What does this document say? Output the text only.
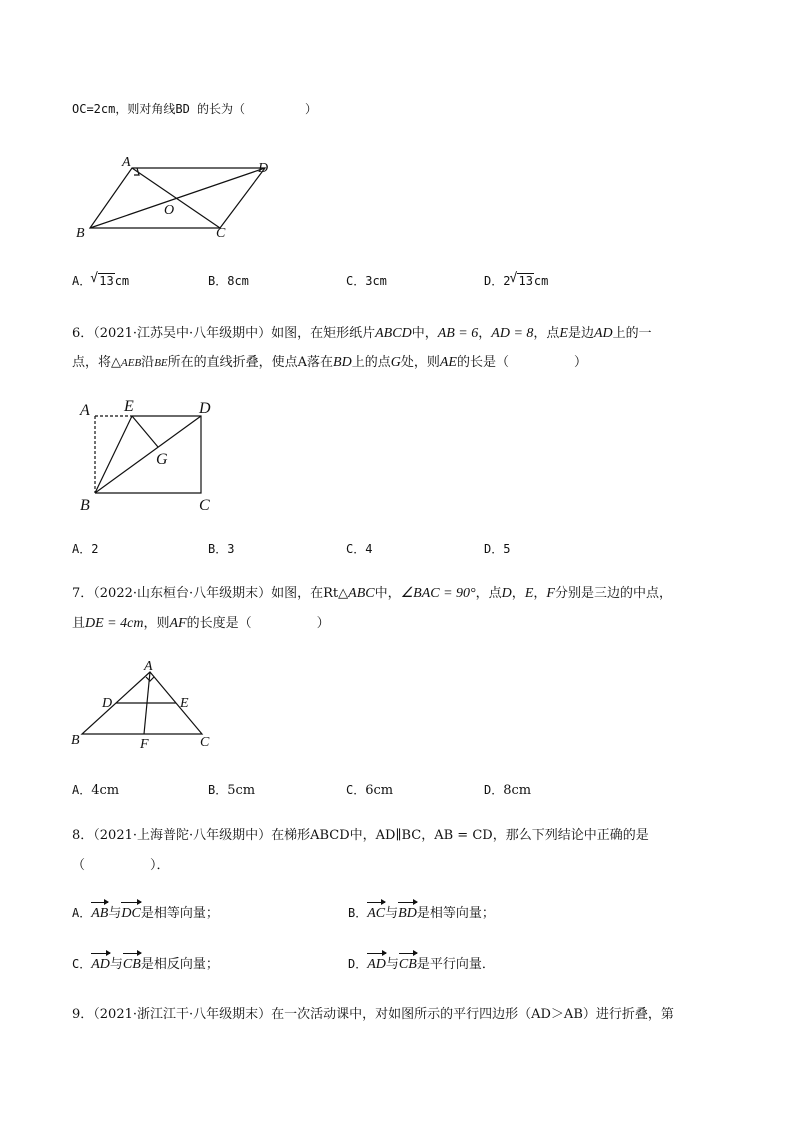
OC=2cm，则对角线BD 的长为（　　　　　）
A	D
O
B	C
A． √ 13cm	B．8cm	C．3cm	D．2 √ 13cm
6．（2021·江苏吴中·八年级期中）如图，在矩形纸片ABCD中，AB = 6，AD = 8，点E是边AD上的一
点，将△AEB沿BE所在的直线折叠，使点A落在BD上的点G处，则AE的长是（　　　　　）
A E	D
G
B	C
A．2	B．3	C．4	D．5
7．（2022·山东桓台·八年级期末）如图，在Rt△ABC中，∠BAC = 90°，点D，E，F分别是三边的中点，
且DE = 4cm，则AF的长度是（　　　　　）
A
D	E
B	F	C
A．4cm	B．5cm	C．6cm	D．8cm
8．（2021·上海普陀·八年级期中）在梯形ABCD中，AD∥BC，AB = CD，那么下列结论中正确的是
（　　　　　）．
A．AB与DC是相等向量；	B．AC与BD是相等向量；
C．AD与CB是相反向量；	D．AD与CB是平行向量．
9．（2021·浙江江干·八年级期末）在一次活动课中，对如图所示的平行四边形（AD＞AB）进行折叠，第
